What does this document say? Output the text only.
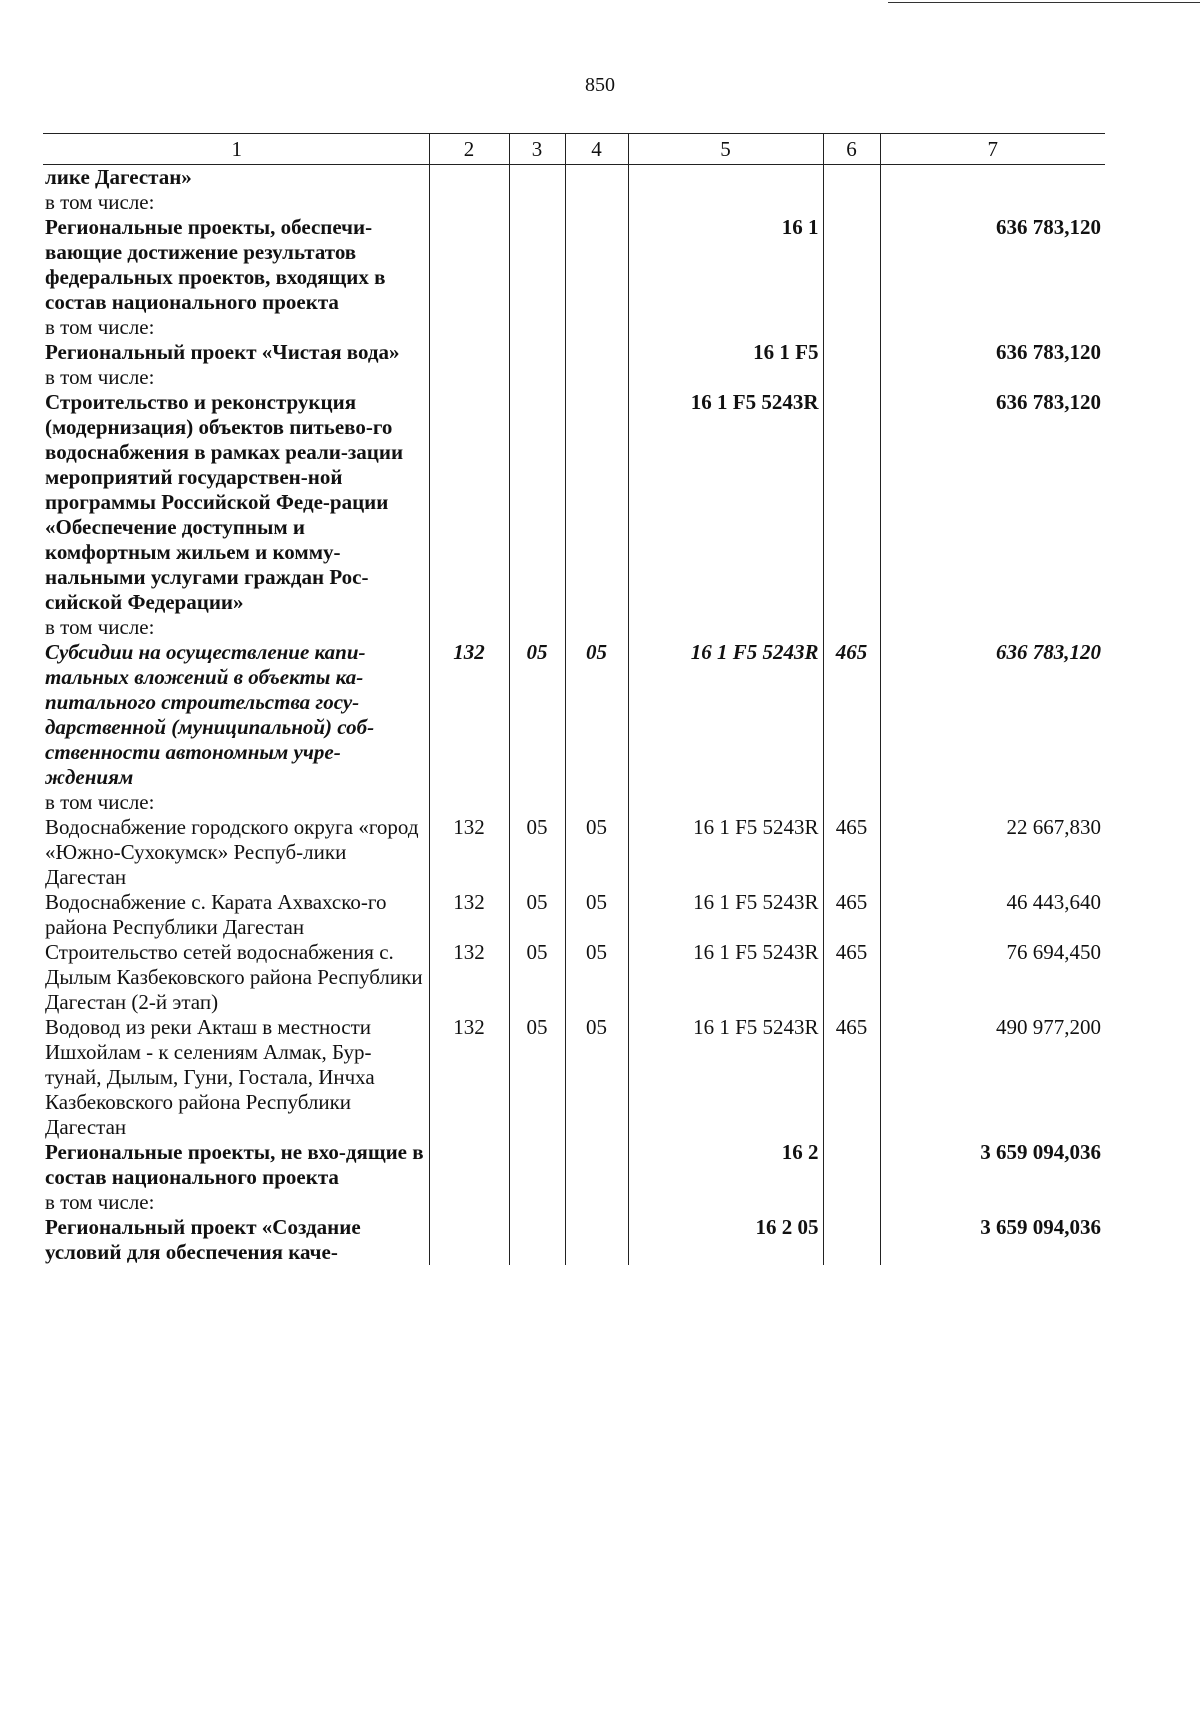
850
1	2	3	4	5	6	7
лике Дагестан»						
в том числе:						
Региональные проекты, обеспечи-вающие достижение результатов федеральных проектов, входящих в состав национального проекта				16 1		636 783,120
в том числе:						
Региональный проект «Чистая вода»				16 1 F5		636 783,120
в том числе:						
Строительство и реконструкция (модернизация) объектов питьево-го водоснабжения в рамках реали-зации мероприятий государствен-ной программы Российской Феде-рации «Обеспечение доступным и комфортным жильем и комму-нальными услугами граждан Рос-сийской Федерации»				16 1 F5 5243R		636 783,120
в том числе:						
Субсидии на осуществление капи-тальных вложений в объекты ка-питального строительства госу-дарственной (муниципальной) соб-ственности автономным учре-ждениям	132	05	05	16 1 F5 5243R	465	636 783,120
в том числе:						
Водоснабжение городского округа «город «Южно-Сухокумск» Респуб-лики Дагестан	132	05	05	16 1 F5 5243R	465	22 667,830
Водоснабжение с. Карата Ахвахско-го района Республики Дагестан	132	05	05	16 1 F5 5243R	465	46 443,640
Строительство сетей водоснабжения с. Дылым Казбековского района Республики Дагестан (2-й этап)	132	05	05	16 1 F5 5243R	465	76 694,450
Водовод из реки Акташ в местности Ишхойлам - к селениям Алмак, Бур-тунай, Дылым, Гуни, Гостала, Инчха Казбековского района Республики Дагестан	132	05	05	16 1 F5 5243R	465	490 977,200
Региональные проекты, не вхо-дящие в состав национального проекта				16 2		3 659 094,036
в том числе:						
Региональный проект «Создание условий для обеспечения каче-				16 2 05		3 659 094,036
